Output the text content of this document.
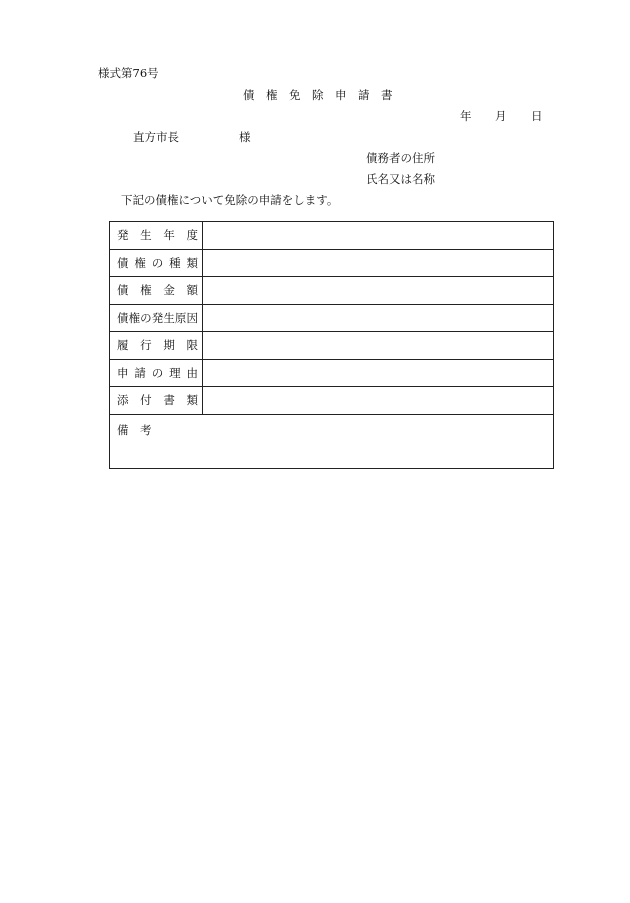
様式第76号
債　権　免　除　申　請　書
年 月 日
直方市長	様
債務者の住所
氏名又は名称
下記の債権について免除の申請をします。
発 生 年 度	

債権の種類	

債 権 金 額	

債権の発生原因	

履 行 期 限	

申請の理由	

添 付 書 類	

備　考	
